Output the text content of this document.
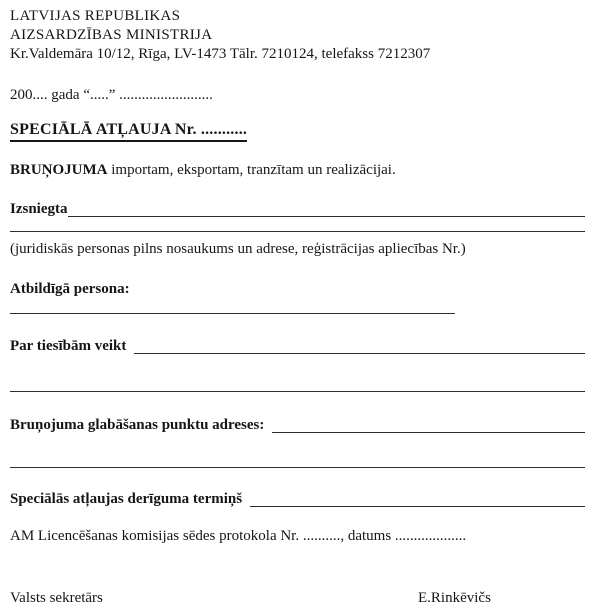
LATVIJAS REPUBLIKAS
AIZSARDZĪBAS MINISTRIJA
Kr.Valdemāra 10/12, Rīga, LV-1473 Tālr. 7210124, telefakss 7212307
200.... gada “.....” .........................
SPECIĀLĀ ATĻAUJA Nr. ...........
BRUŅOJUMA importam, eksportam, tranzītam un realizācijai.
Izsniegta
(juridiskās personas pilns nosaukums un adrese, reģistrācijas apliecības Nr.)
Atbildīgā persona:
Par tiesībām veikt
Bruņojuma glabāšanas punktu adreses:
Speciālās atļaujas derīguma termiņš
AM Licencēšanas komisijas sēdes protokola Nr. .........., datums ...................
Valsts sekretārs	E.Rinkēvičs
